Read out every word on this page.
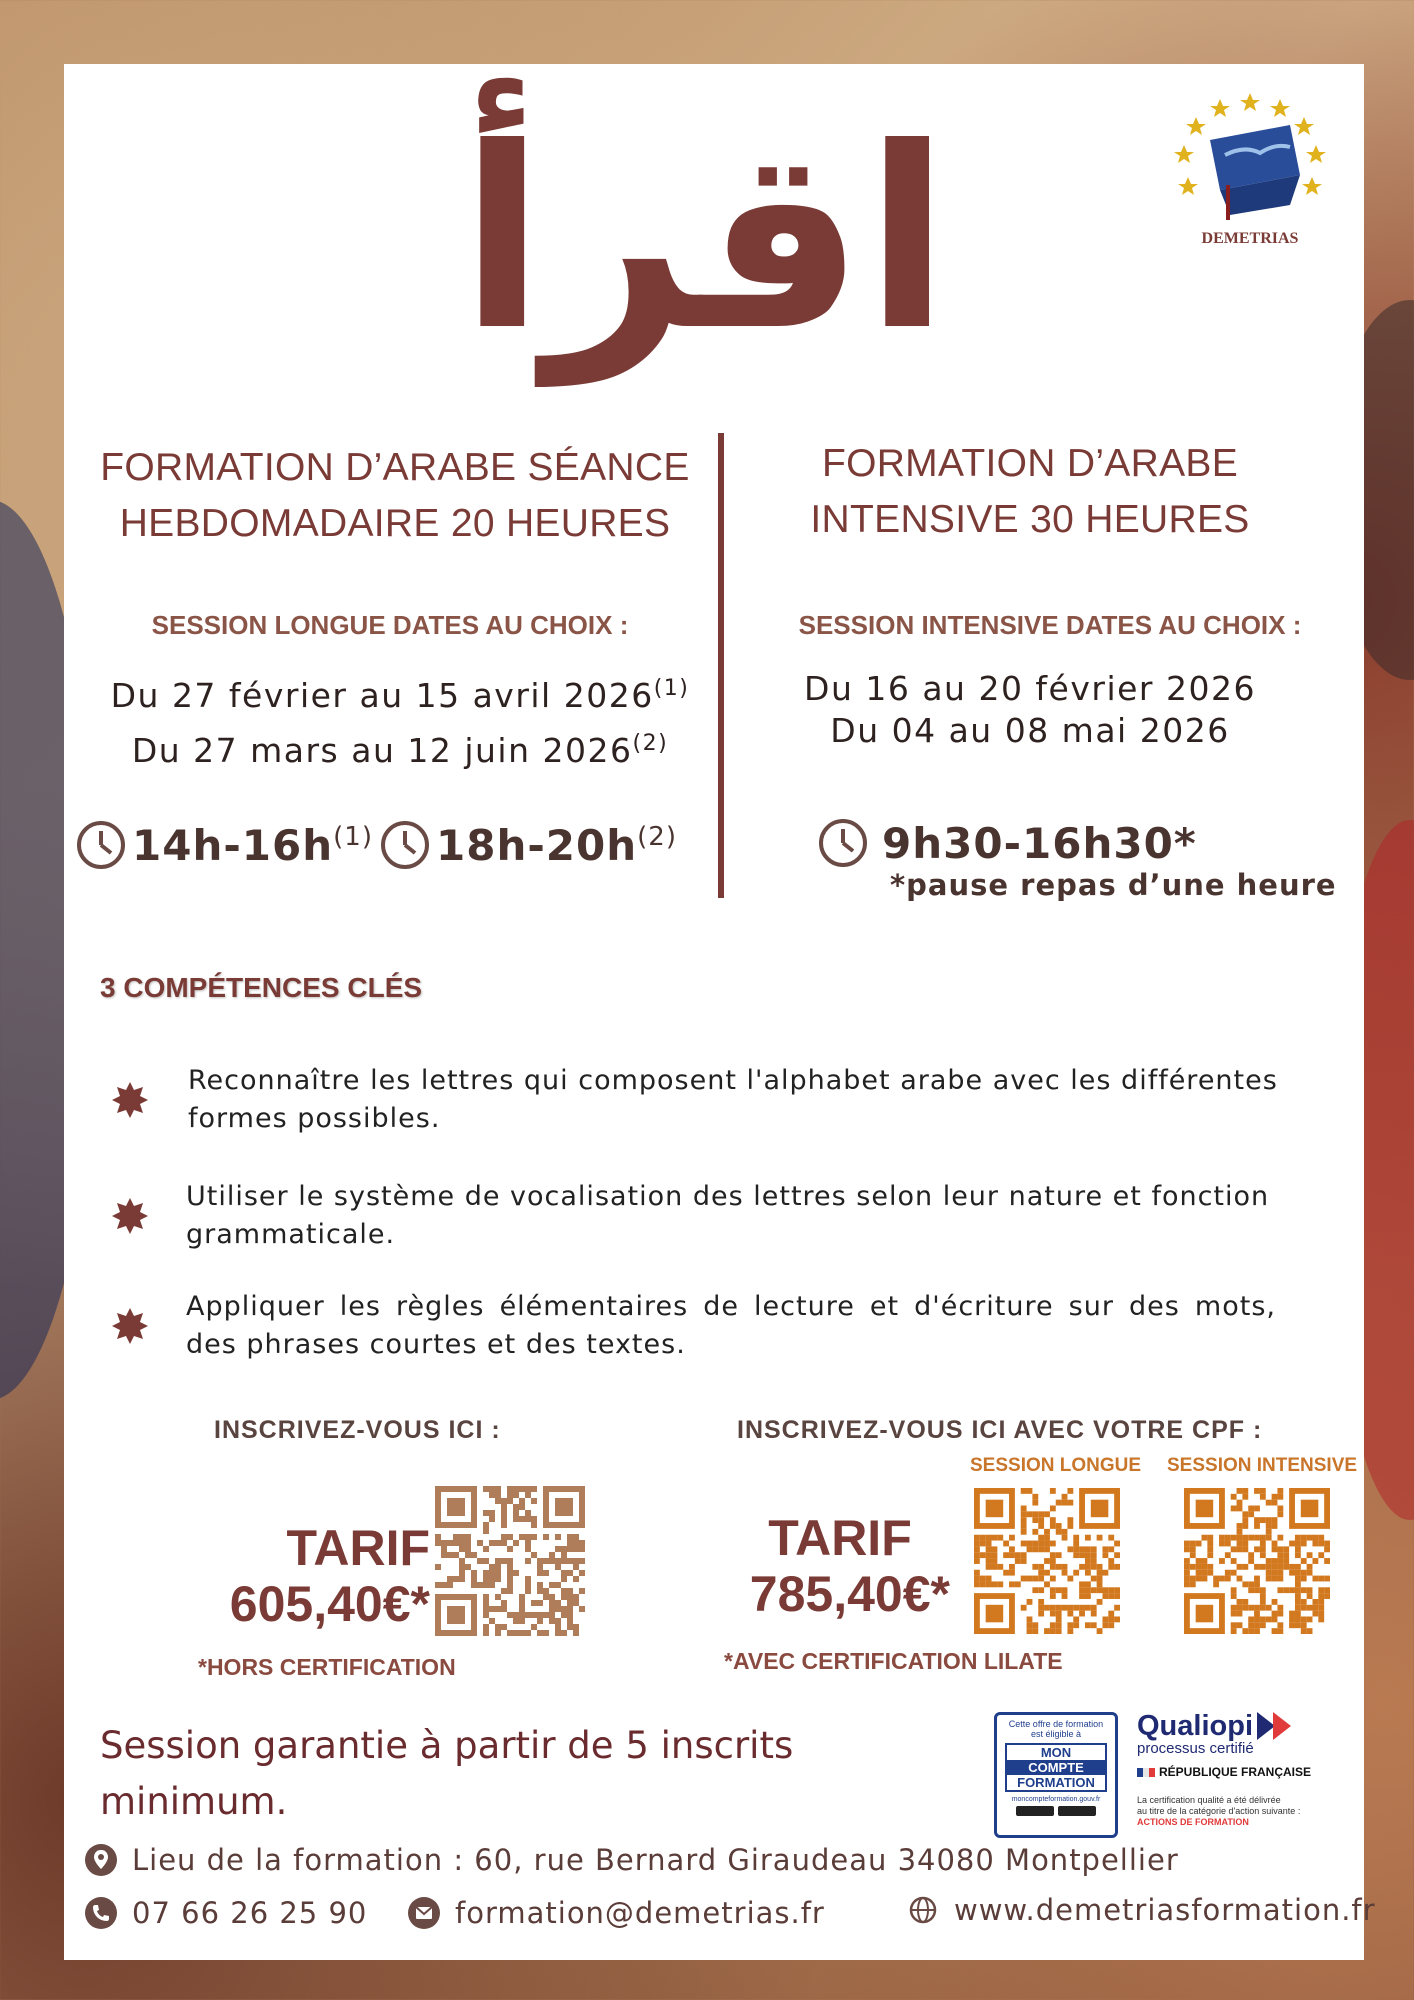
اقرأ	DEMETRIAS
FORMATION D’ARABE SÉANCE
HEBDOMADAIRE 20 HEURES
SESSION LONGUE DATES AU CHOIX :
Du 27 février au 15 avril 2026$^{(1)}$
Du 27 mars au 12 juin 2026$^{(2)}$
$14h-16h^{(1)}$ $18h-20h^{(2)}$
FORMATION D’ARABE
INTENSIVE 30 HEURES
SESSION INTENSIVE DATES AU CHOIX :
Du 16 au 20 février 2026
Du 04 au 08 mai 2026
9h30-16h30*
*pause repas d’une heure
3 COMPÉTENCES CLÉS
Reconnaître les lettres qui composent l'alphabet arabe avec les différentes formes possibles.
Utiliser le système de vocalisation des lettres selon leur nature et fonction grammaticale.
Appliquer les règles élémentaires de lecture et d'écriture sur des mots, des phrases courtes et des textes.
INSCRIVEZ-VOUS ICI :
TARIF
605,40€*
*HORS CERTIFICATION
INSCRIVEZ-VOUS ICI AVEC VOTRE CPF :
SESSION LONGUE SESSION INTENSIVE
TARIF
785,40€*
*AVEC CERTIFICATION LILATE
Session garantie à partir de 5 inscrits
minimum.
Cette offre de formation
est éligible à
MON
COMPTE
FORMATION
moncompteformation.gouv.fr
Qualiopi
processus certifié
RÉPUBLIQUE FRANÇAISE
La certification qualité a été délivrée
au titre de la catégorie d'action suivante :
ACTIONS DE FORMATION
Lieu de la formation : 60, rue Bernard Giraudeau 34080 Montpellier
07 66 26 25 90	formation@demetrias.fr	www.demetriasformation.fr
